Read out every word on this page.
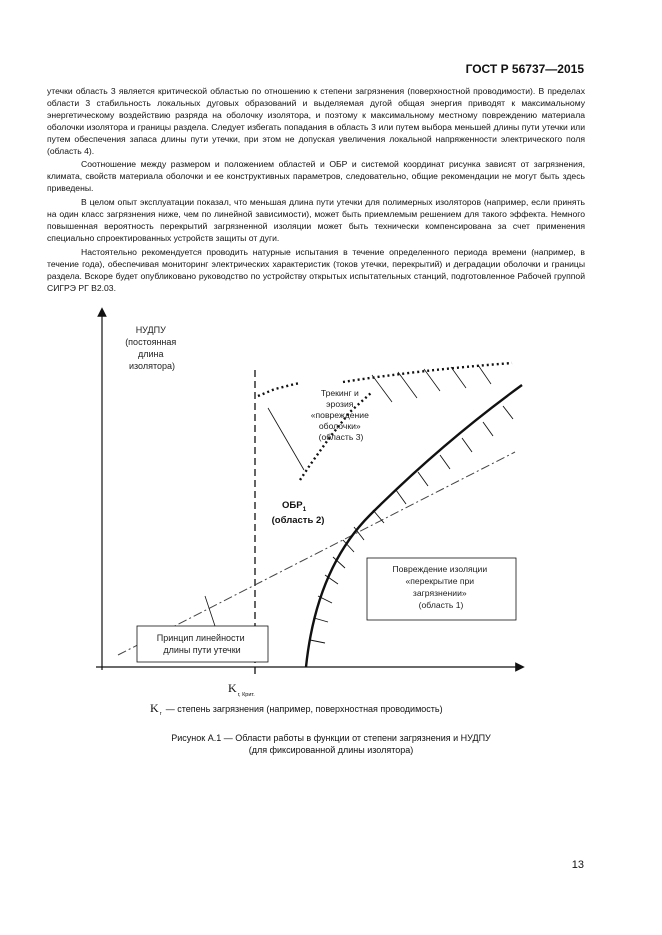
ГОСТ Р 56737—2015

утечки область 3 является критической областью по отношению к степени загрязнения (поверхностной проводимости). В пределах области 3 стабильность локальных дуговых образований и выделяемая дугой общая энергия приводят к максимальному энергетическому воздействию разряда на оболочку изолятора, и поэтому к максимальному местному повреждению материала оболочки изолятора и границы раздела. Следует избегать попадания в область 3 или путем выбора меньшей длины пути утечки или путем обеспечения запаса длины пути утечки, при этом не допуская увеличения локальной напряженности электрического поля (область 4).

Соотношение между размером и положением областей и ОБР и системой координат рисунка зависят от загрязнения, климата, свойств материала оболочки и ее конструктивных параметров, следовательно, общие рекомендации не могут быть здесь приведены.

В целом опыт эксплуатации показал, что меньшая длина пути утечки для полимерных изоляторов (например, если принять на один класс загрязнения ниже, чем по линейной зависимости), может быть приемлемым решением для такого эффекта. Немного повышенная вероятность перекрытий загрязненной изоляции может быть технически компенсирована за счет применения специально спроектированных устройств защиты от дуги.

Настоятельно рекомендуется проводить натурные испытания в течение определенного периода времени (например, в течение года), обеспечивая мониторинг электрических характеристик (токов утечки, перекрытий) и деградации оболочки и границы раздела. Вскоре будет опубликовано руководство по устройству открытых испытательных станций, подготовленное Рабочей группой СИГРЭ РГ В2.03.

НУДПУ (постоянная длина изолятора)
Трекинг и эрозия «повреждение оболочки» (область 3)
$ОБР_1$
(область 2)
Повреждение изоляции «перекрытие при загрязнении» (область 1)
Принцип линейности длины пути утечки
$K_{г, Крит.}$
Kг — степень загрязнения (например, поверхностная проводимость)
Рисунок А.1 — Области работы в функции от степени загрязнения и НУДПУ
(для фиксированной длины изолятора)
13
